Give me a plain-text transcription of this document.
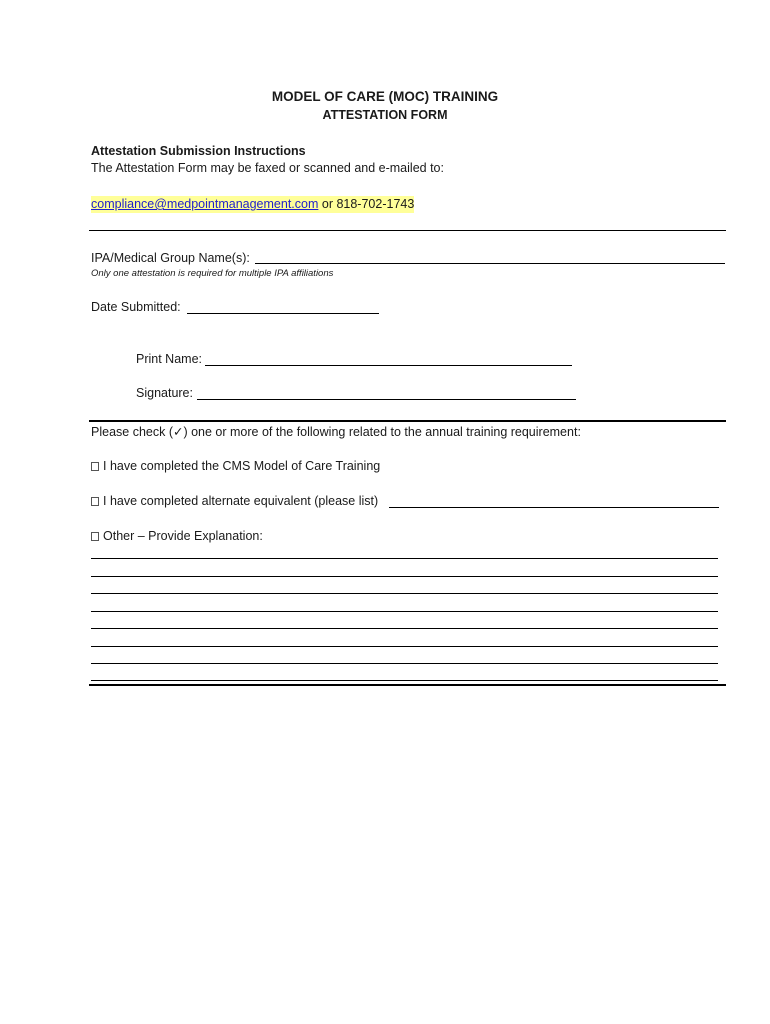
MODEL OF CARE (MOC) TRAINING
ATTESTATION FORM
Attestation Submission Instructions
The Attestation Form may be faxed or scanned and e-mailed to:
compliance@medpointmanagement.com or 818-702-1743
IPA/Medical Group Name(s):
Only one attestation is required for multiple IPA affiliations
Date Submitted:
Print Name:
Signature:
Please check (✓) one or more of the following related to the annual training requirement:
I have completed the CMS Model of Care Training
I have completed alternate equivalent (please list)
Other – Provide Explanation:
